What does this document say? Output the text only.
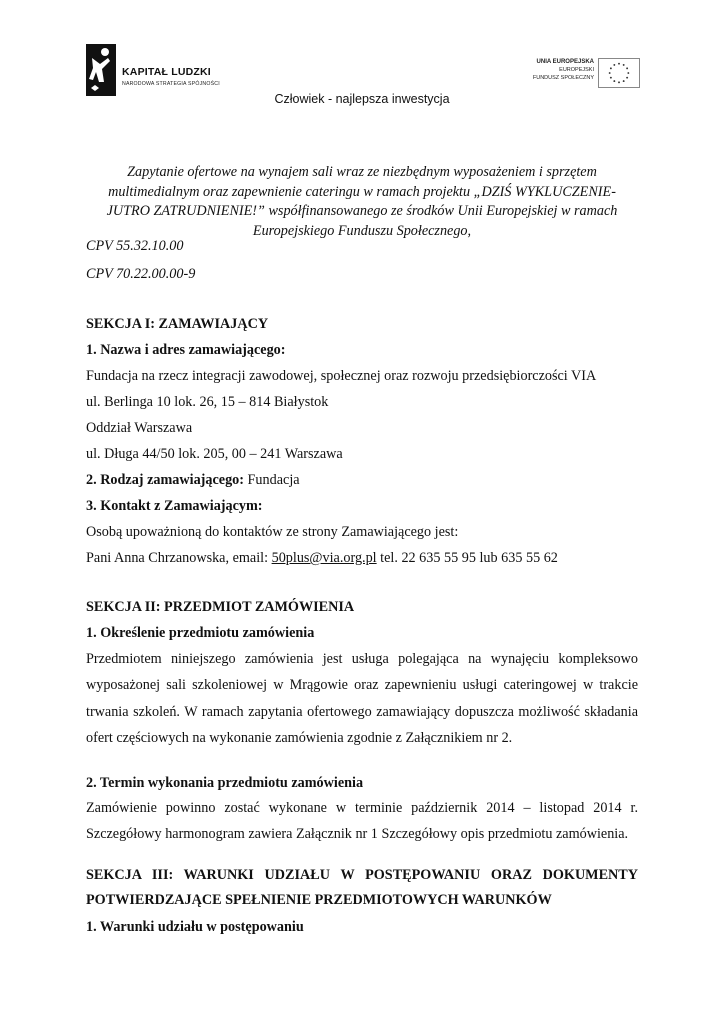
KAPITAŁ LUDZKI
NARODOWA STRATEGIA SPÓJNOŚCI
UNIA EUROPEJSKA
EUROPEJSKI
FUNDUSZ SPOŁECZNY
Człowiek - najlepsza inwestycja
Zapytanie ofertowe na wynajem sali wraz ze niezbędnym wyposażeniem i sprzętem
multimedialnym oraz zapewnienie cateringu w ramach projektu „DZIŚ WYKLUCZENIE-
JUTRO ZATRUDNIENIE!” współfinansowanego ze środków Unii Europejskiej w ramach
Europejskiego Funduszu Społecznego,
CPV 55.32.10.00
CPV 70.22.00.00-9
SEKCJA I: ZAMAWIAJĄCY
1. Nazwa i adres zamawiającego:
Fundacja na rzecz integracji zawodowej, społecznej oraz rozwoju przedsiębiorczości VIA
ul. Berlinga 10 lok. 26, 15 – 814 Białystok
Oddział Warszawa
ul. Długa 44/50 lok. 205, 00 – 241 Warszawa
2. Rodzaj zamawiającego: Fundacja
3. Kontakt z Zamawiającym:
Osobą upoważnioną do kontaktów ze strony Zamawiającego jest:
Pani Anna Chrzanowska, email: 50plus@via.org.pl tel. 22 635 55 95 lub 635 55 62
SEKCJA II: PRZEDMIOT ZAMÓWIENIA
1. Określenie przedmiotu zamówienia
Przedmiotem niniejszego zamówienia jest usługa polegająca na wynajęciu kompleksowo wyposażonej sali szkoleniowej w Mrągowie oraz zapewnieniu usługi cateringowej w trakcie trwania szkoleń. W ramach zapytania ofertowego zamawiający dopuszcza możliwość składania ofert częściowych na wykonanie zamówienia zgodnie z Załącznikiem nr 2.
2. Termin wykonania przedmiotu zamówienia
Zamówienie powinno zostać wykonane w terminie październik 2014 – listopad 2014 r. Szczegółowy harmonogram zawiera Załącznik nr 1 Szczegółowy opis przedmiotu zamówienia.
SEKCJA III: WARUNKI UDZIAŁU W POSTĘPOWANIU ORAZ DOKUMENTY POTWIERDZAJĄCE SPEŁNIENIE PRZEDMIOTOWYCH WARUNKÓW
1. Warunki udziału w postępowaniu
